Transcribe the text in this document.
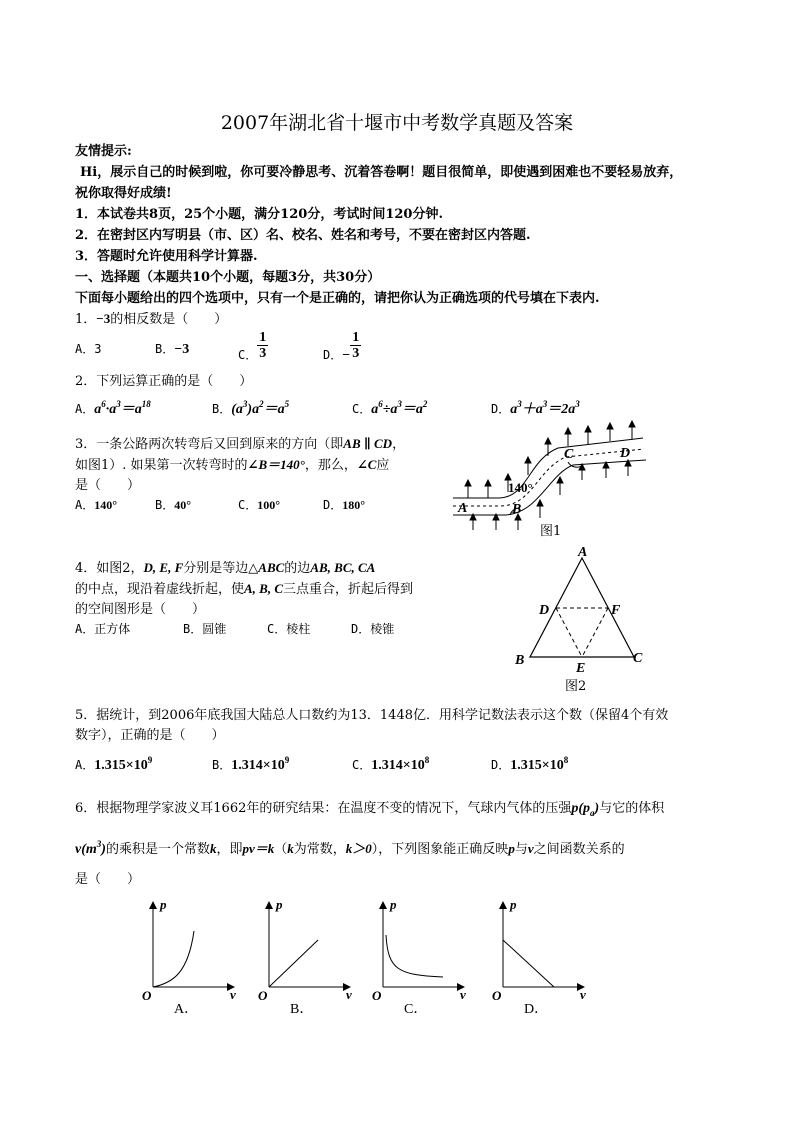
2007年湖北省十堰市中考数学真题及答案
友情提示:
Hi，展示自己的时候到啦，你可要冷静思考、沉着答卷啊！题目很简单，即使遇到困难也不要轻易放弃，
祝你取得好成绩!
1．本试卷共8页，25个小题，满分120分，考试时间120分钟.
2．在密封区内写明县（市、区）名、校名、姓名和考号，不要在密封区内答题.
3．答题时允许使用科学计算器.
一、选择题（本题共10个小题，每题3分，共30分）
下面每小题给出的四个选项中，只有一个是正确的，请把你认为正确选项的代号填在下表内.
1．−3的相反数是（　　）
A．3	B．−3	C． $\frac{1}{3}$	D．− $\frac{1}{3}$
2．下列运算正确的是（　　）
A．$a^6\cdot a^3=a^{18}$	B．$(a^3)a^2=a^5$	C．$a^6\div a^3=a^2$	D．$a^3+a^3=2a^3$
3．一条公路两次转弯后又回到原来的方向（即AB ∥ CD，
如图1）. 如果第一次转弯时的∠B＝140°，那么，∠C应
是（　　）
A．140°	B．40°	C．100°	D．180°
140°
A	B
C	D
图1
4．如图2，D, E, F分别是等边△ABC的边AB, BC, CA
的中点，现沿着虚线折起，使A, B, C三点重合，折起后得到
的空间图形是（　　）
A．正方体	B．圆锥	C．棱柱	D．棱锥
A
B	C
D
E
F
图2
5．据统计，到2006年底我国大陆总人口数约为13．1448亿．用科学记数法表示这个数（保留4个有效
数字），正确的是（　　）
A．$1.315\times 10^9$	B．$1.314\times 10^9$	C．$1.314\times 10^8$	D．$1.315\times 10^8$
6．根据物理学家波义耳1662年的研究结果：在温度不变的情况下，气球内气体的压强$p(p_a)$与它的体积
$v(m^3)$的乘积是一个常数k，即pv＝k（k为常数，k＞0），下列图象能正确反映p与v之间函数关系的
是（　　）
p
O	v
A．
p
O	v
B．
p
O	v
C．
p
O	v
D．
